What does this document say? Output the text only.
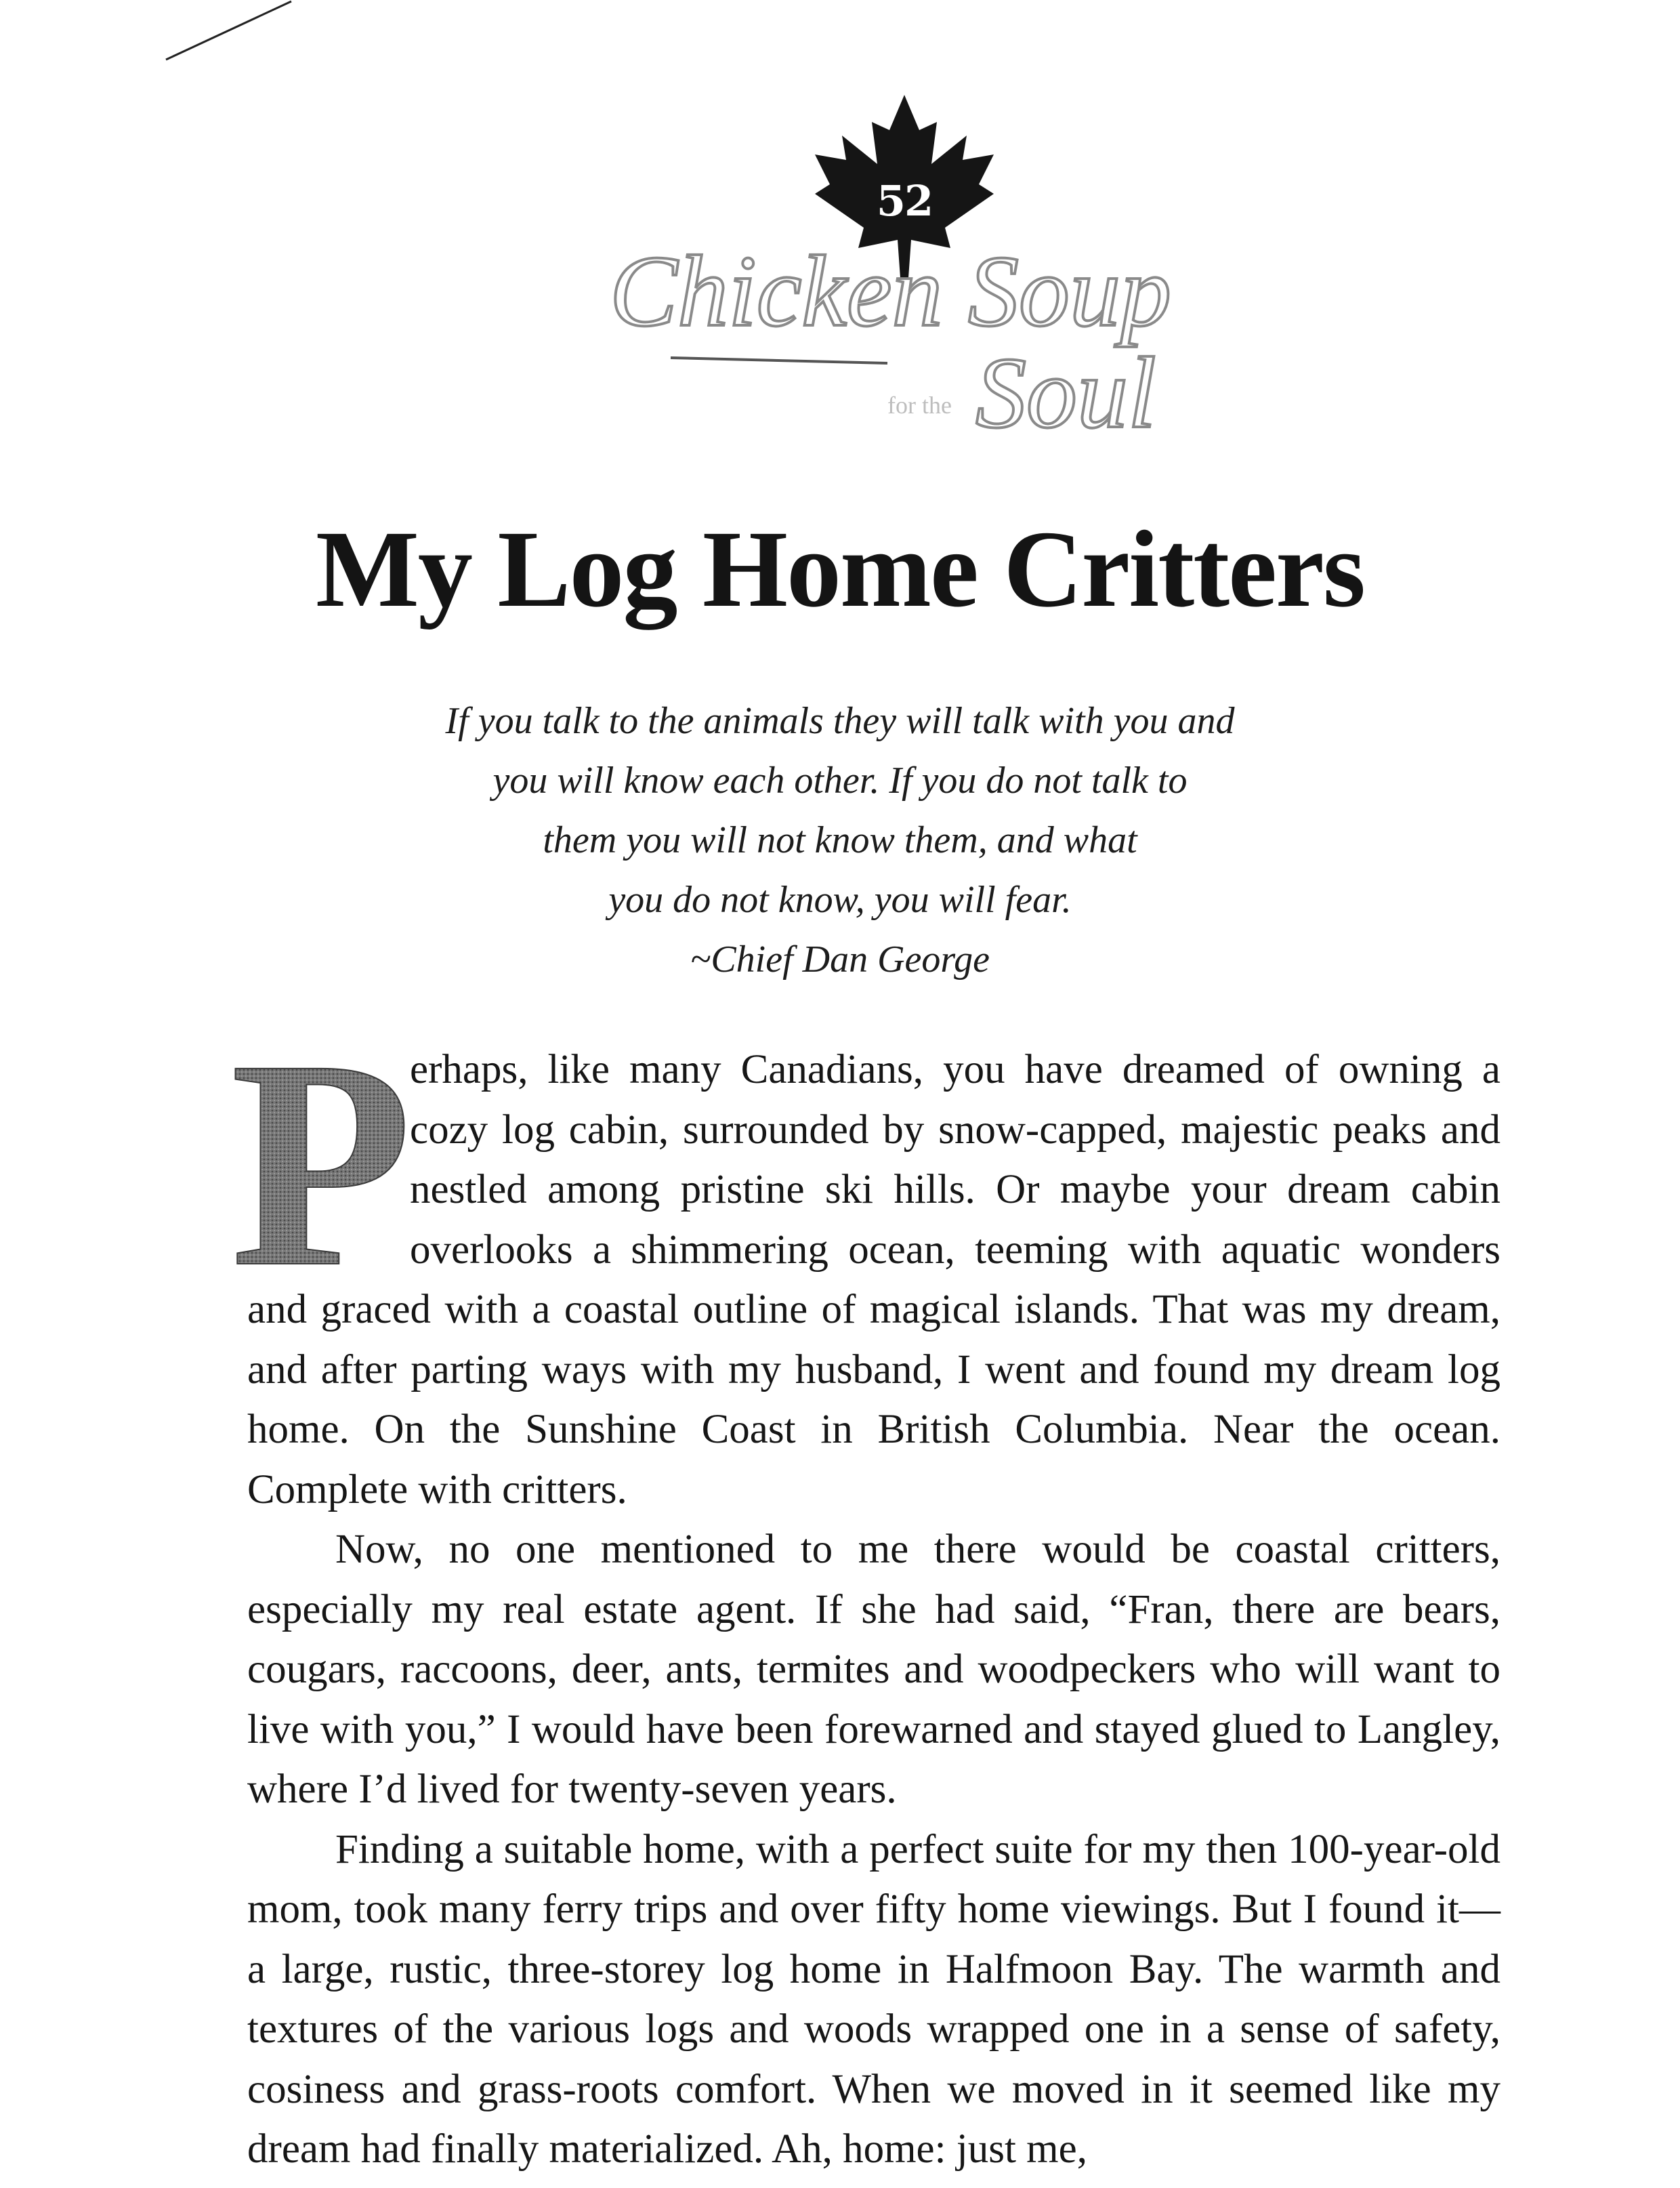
52
Chicken Soup
for the Soul
My Log Home Critters
If you talk to the animals they will talk with you and
you will know each other. If you do not talk to
them you will not know them, and what
you do not know, you will fear.
~Chief Dan George
P

erhaps, like many Canadians, you have dreamed of owning a cozy log cabin, surrounded by snow-capped, majestic peaks and nestled among pristine ski hills. Or maybe your dream cabin overlooks a shimmering ocean, teeming with aquatic wonders and graced with a coastal outline of magical islands. That was my dream, and after parting ways with my husband, I went and found my dream log home. On the Sunshine Coast in British Columbia. Near the ocean. Complete with critters.

Now, no one mentioned to me there would be coastal critters, especially my real estate agent. If she had said, “Fran, there are bears, cougars, raccoons, deer, ants, termites and woodpeckers who will want to live with you,” I would have been forewarned and stayed glued to Langley, where I’d lived for twenty-seven years.

Finding a suitable home, with a perfect suite for my then 100-year-old mom, took many ferry trips and over fifty home viewings. But I found it—a large, rustic, three-storey log home in Halfmoon Bay. The warmth and textures of the various logs and woods wrapped one in a sense of safety, cosiness and grass-roots comfort. When we moved in it seemed like my dream had finally materialized. Ah, home: just me,
